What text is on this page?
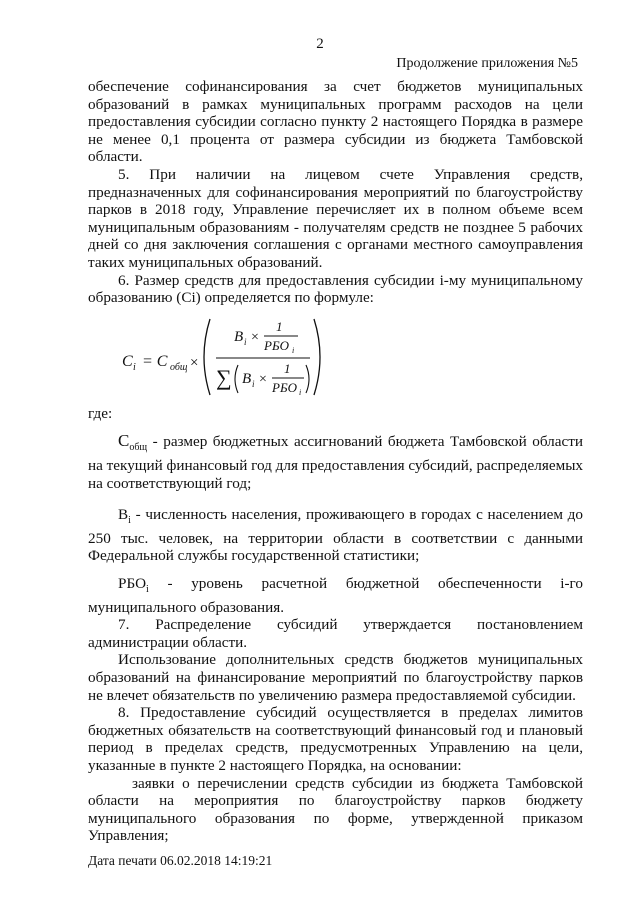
2
Продолжение приложения №5

обеспечение софинансирования за счет бюджетов муниципальных образований в рамках муниципальных программ расходов на цели предоставления субсидии согласно пункту 2 настоящего Порядка в размере не менее 0,1 процента от размера субсидии из бюджета Тамбовской области.

5. При наличии на лицевом счете Управления средств, предназначенных для софинансирования мероприятий по благоустройству парков в 2018 году, Управление перечисляет их в полном объеме всем муниципальным образованиям - получателям средств не позднее 5 рабочих дней со дня заключения соглашения с органами местного самоуправления таких муниципальных образований.

6. Размер средств для предоставления субсидии i-му муниципальному образованию (Ci) определяется по формуле:

C i = C общ ×
B i ×
1
РБО i
∑ B i ×
1
РБО i

где:

$С_{общ}$ - размер бюджетных ассигнований бюджета Тамбовской области на текущий финансовый год для предоставления субсидий, распределяемых на соответствующий год;

$В_i$ - численность населения, проживающего в городах с населением до 250 тыс. человек, на территории области в соответствии с данными Федеральной службы государственной статистики;

$РБО_i$ - уровень расчетной бюджетной обеспеченности i-го муниципального образования.

7. Распределение субсидий утверждается постановлением администрации области.

Использование дополнительных средств бюджетов муниципальных образований на финансирование мероприятий по благоустройству парков не влечет обязательств по увеличению размера предоставляемой субсидии.

8. Предоставление субсидий осуществляется в пределах лимитов бюджетных обязательств на соответствующий финансовый год и плановый период в пределах средств, предусмотренных Управлению на цели, указанные в пункте 2 настоящего Порядка, на основании:

заявки о перечислении средств субсидии из бюджета Тамбовской области на мероприятия по благоустройству парков бюджету муниципального образования по форме, утвержденной приказом Управления;

Дата печати 06.02.2018 14:19:21
